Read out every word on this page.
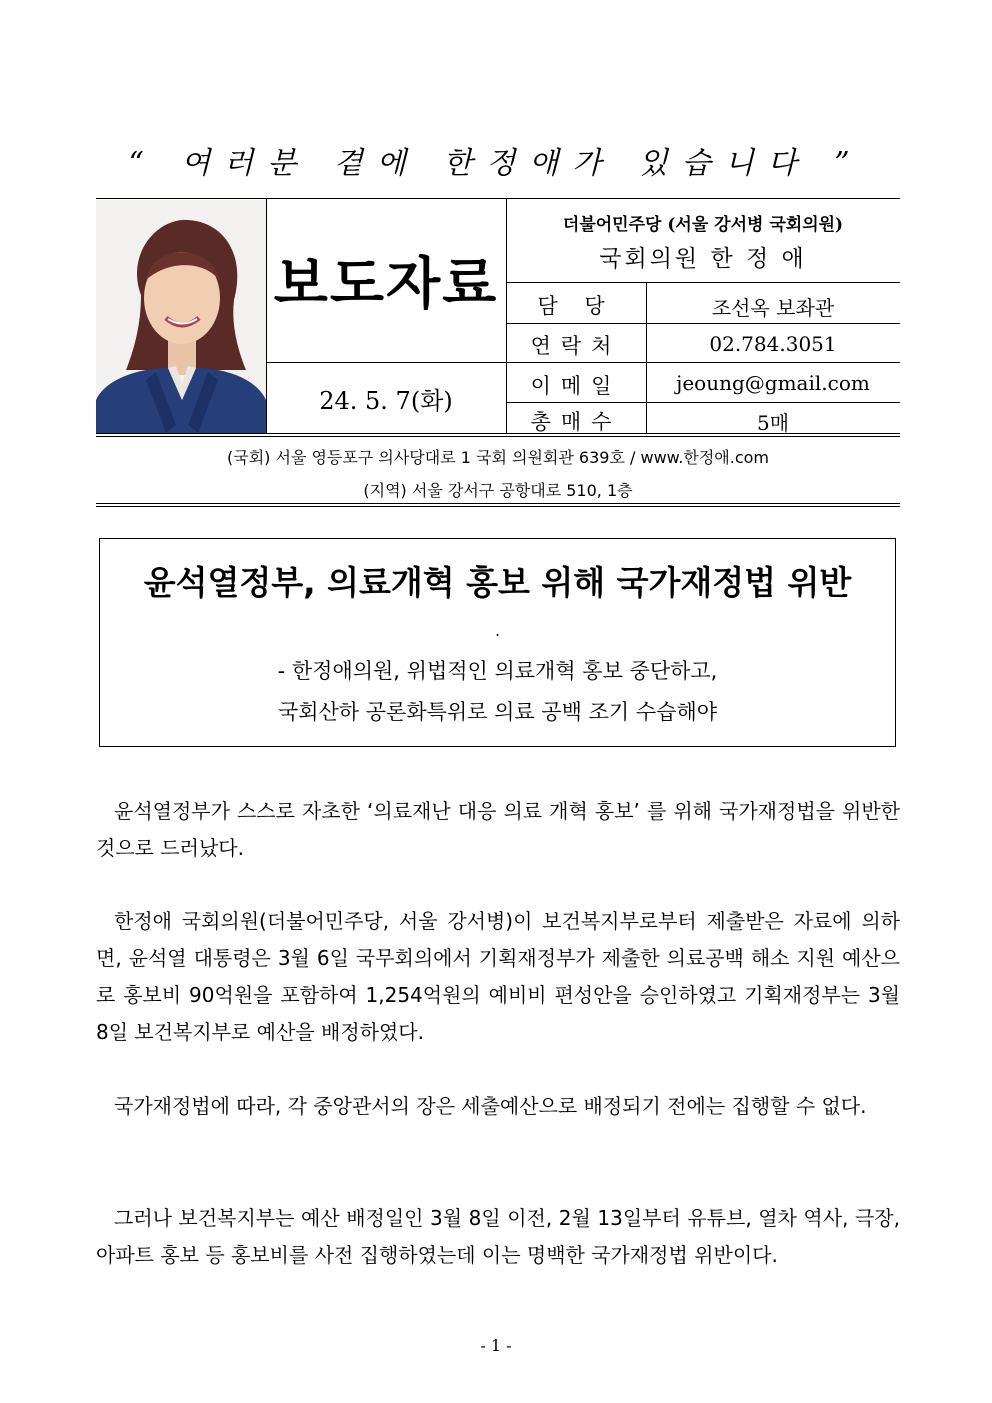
“ 여러분 곁에 한정애가 있습니다 ”
보도자료
24. 5. 7(화)
더불어민주당 (서울 강서병 국회의원)
국회의원 한 정 애
담 당	조선옥 보좌관
연락처	02.784.3051
이메일	jeoung@gmail.com
총매수	5매
(국회) 서울 영등포구 의사당대로 1 국회 의원회관 639호 / www.한정애.com
(지역) 서울 강서구 공항대로 510, 1층
윤석열정부, 의료개혁 홍보 위해 국가재정법 위반
.
- 한정애의원, 위법적인 의료개혁 홍보 중단하고,
국회산하 공론화특위로 의료 공백 조기 수습해야
윤석열정부가 스스로 자초한 ‘의료재난 대응 의료 개혁 홍보’ 를 위해 국가재정법을 위반한 것으로 드러났다.
한정애 국회의원(더불어민주당, 서울 강서병)이 보건복지부로부터 제출받은 자료에 의하면, 윤석열 대통령은 3월 6일 국무회의에서 기획재정부가 제출한 의료공백 해소 지원 예산으로 홍보비 90억원을 포함하여 1,254억원의 예비비 편성안을 승인하였고 기획재정부는 3월 8일 보건복지부로 예산을 배정하였다.
국가재정법에 따라, 각 중앙관서의 장은 세출예산으로 배정되기 전에는 집행할 수 없다.
그러나 보건복지부는 예산 배정일인 3월 8일 이전, 2월 13일부터 유튜브, 열차 역사, 극장, 아파트 홍보 등 홍보비를 사전 집행하였는데 이는 명백한 국가재정법 위반이다.
- 1 -
